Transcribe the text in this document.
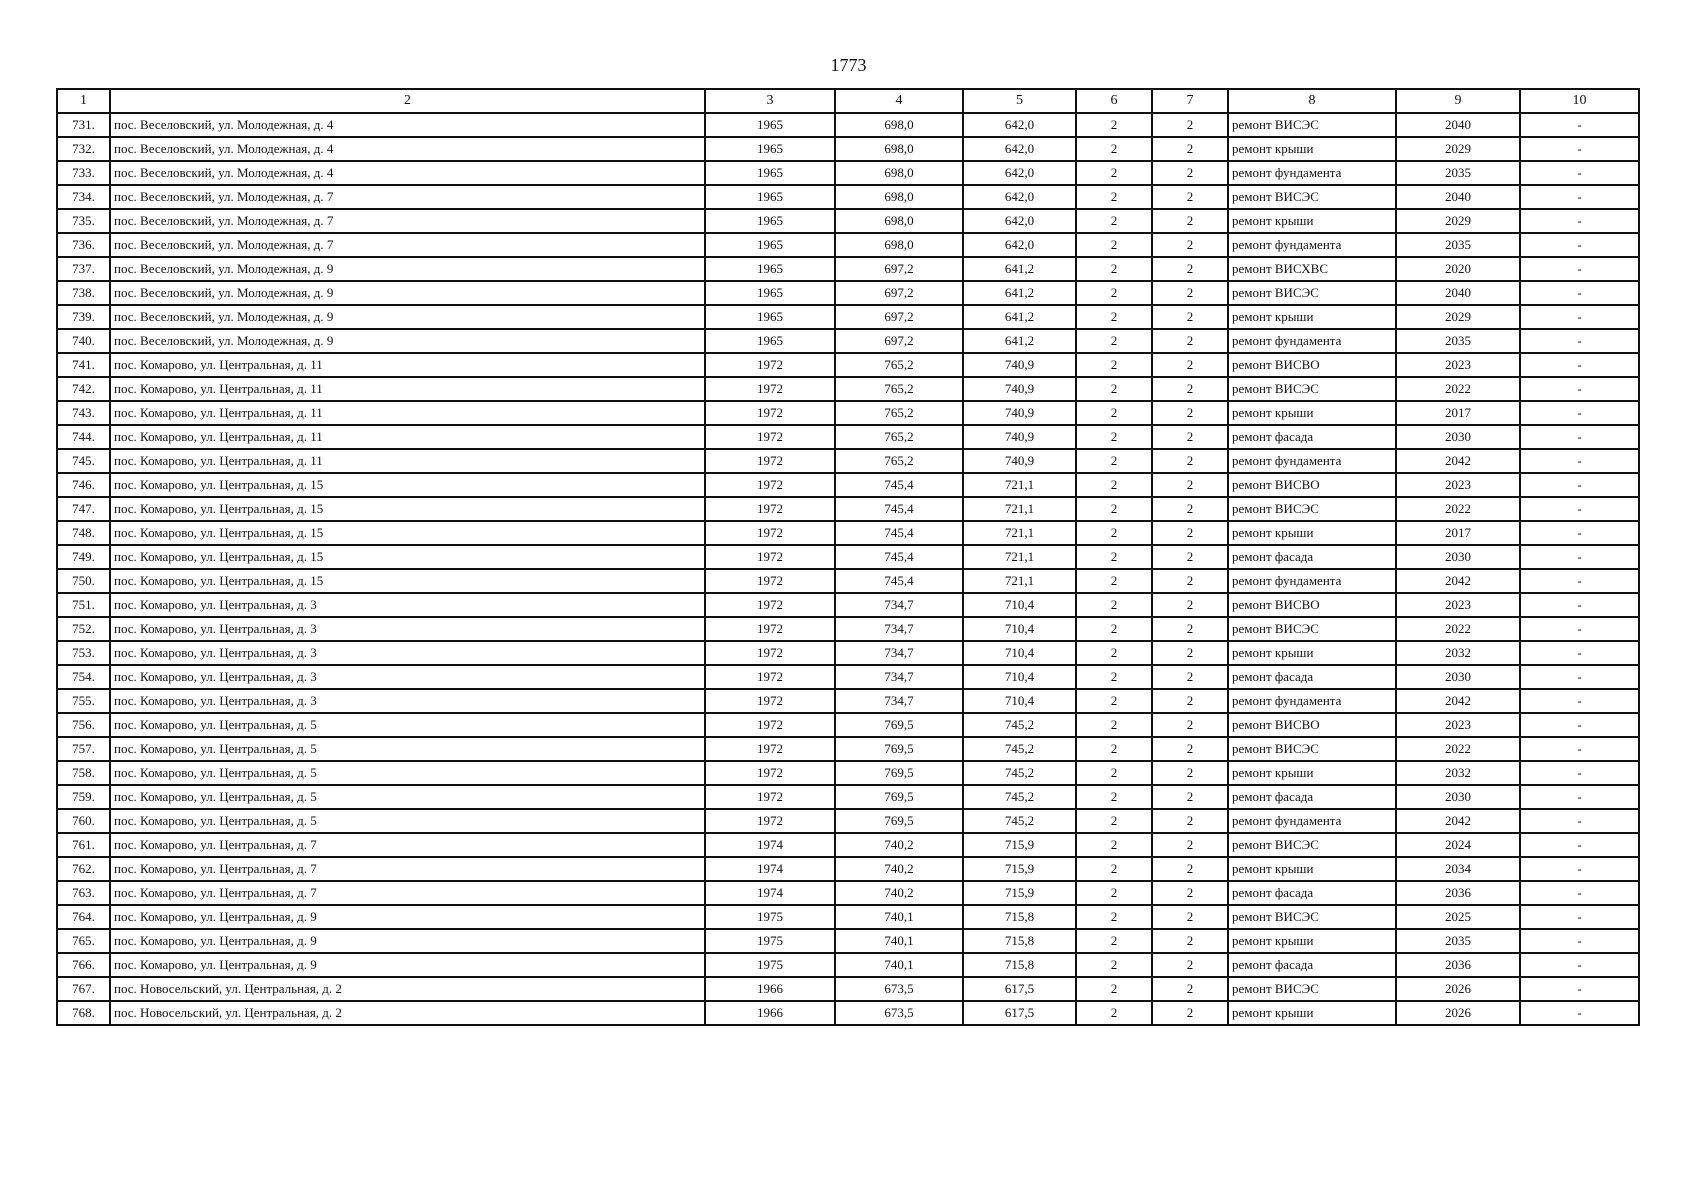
1773
1	2	3	4	5	6	7	8	9	10
731.	пос. Веселовский, ул. Молодежная, д. 4	1965	698,0	642,0	2	2	ремонт ВИСЭС	2040	-
732.	пос. Веселовский, ул. Молодежная, д. 4	1965	698,0	642,0	2	2	ремонт крыши	2029	-
733.	пос. Веселовский, ул. Молодежная, д. 4	1965	698,0	642,0	2	2	ремонт фундамента	2035	-
734.	пос. Веселовский, ул. Молодежная, д. 7	1965	698,0	642,0	2	2	ремонт ВИСЭС	2040	-
735.	пос. Веселовский, ул. Молодежная, д. 7	1965	698,0	642,0	2	2	ремонт крыши	2029	-
736.	пос. Веселовский, ул. Молодежная, д. 7	1965	698,0	642,0	2	2	ремонт фундамента	2035	-
737.	пос. Веселовский, ул. Молодежная, д. 9	1965	697,2	641,2	2	2	ремонт ВИСХВС	2020	-
738.	пос. Веселовский, ул. Молодежная, д. 9	1965	697,2	641,2	2	2	ремонт ВИСЭС	2040	-
739.	пос. Веселовский, ул. Молодежная, д. 9	1965	697,2	641,2	2	2	ремонт крыши	2029	-
740.	пос. Веселовский, ул. Молодежная, д. 9	1965	697,2	641,2	2	2	ремонт фундамента	2035	-
741.	пос. Комарово, ул. Центральная, д. 11	1972	765,2	740,9	2	2	ремонт ВИСВО	2023	-
742.	пос. Комарово, ул. Центральная, д. 11	1972	765,2	740,9	2	2	ремонт ВИСЭС	2022	-
743.	пос. Комарово, ул. Центральная, д. 11	1972	765,2	740,9	2	2	ремонт крыши	2017	-
744.	пос. Комарово, ул. Центральная, д. 11	1972	765,2	740,9	2	2	ремонт фасада	2030	-
745.	пос. Комарово, ул. Центральная, д. 11	1972	765,2	740,9	2	2	ремонт фундамента	2042	-
746.	пос. Комарово, ул. Центральная, д. 15	1972	745,4	721,1	2	2	ремонт ВИСВО	2023	-
747.	пос. Комарово, ул. Центральная, д. 15	1972	745,4	721,1	2	2	ремонт ВИСЭС	2022	-
748.	пос. Комарово, ул. Центральная, д. 15	1972	745,4	721,1	2	2	ремонт крыши	2017	-
749.	пос. Комарово, ул. Центральная, д. 15	1972	745,4	721,1	2	2	ремонт фасада	2030	-
750.	пос. Комарово, ул. Центральная, д. 15	1972	745,4	721,1	2	2	ремонт фундамента	2042	-
751.	пос. Комарово, ул. Центральная, д. 3	1972	734,7	710,4	2	2	ремонт ВИСВО	2023	-
752.	пос. Комарово, ул. Центральная, д. 3	1972	734,7	710,4	2	2	ремонт ВИСЭС	2022	-
753.	пос. Комарово, ул. Центральная, д. 3	1972	734,7	710,4	2	2	ремонт крыши	2032	-
754.	пос. Комарово, ул. Центральная, д. 3	1972	734,7	710,4	2	2	ремонт фасада	2030	-
755.	пос. Комарово, ул. Центральная, д. 3	1972	734,7	710,4	2	2	ремонт фундамента	2042	-
756.	пос. Комарово, ул. Центральная, д. 5	1972	769,5	745,2	2	2	ремонт ВИСВО	2023	-
757.	пос. Комарово, ул. Центральная, д. 5	1972	769,5	745,2	2	2	ремонт ВИСЭС	2022	-
758.	пос. Комарово, ул. Центральная, д. 5	1972	769,5	745,2	2	2	ремонт крыши	2032	-
759.	пос. Комарово, ул. Центральная, д. 5	1972	769,5	745,2	2	2	ремонт фасада	2030	-
760.	пос. Комарово, ул. Центральная, д. 5	1972	769,5	745,2	2	2	ремонт фундамента	2042	-
761.	пос. Комарово, ул. Центральная, д. 7	1974	740,2	715,9	2	2	ремонт ВИСЭС	2024	-
762.	пос. Комарово, ул. Центральная, д. 7	1974	740,2	715,9	2	2	ремонт крыши	2034	-
763.	пос. Комарово, ул. Центральная, д. 7	1974	740,2	715,9	2	2	ремонт фасада	2036	-
764.	пос. Комарово, ул. Центральная, д. 9	1975	740,1	715,8	2	2	ремонт ВИСЭС	2025	-
765.	пос. Комарово, ул. Центральная, д. 9	1975	740,1	715,8	2	2	ремонт крыши	2035	-
766.	пос. Комарово, ул. Центральная, д. 9	1975	740,1	715,8	2	2	ремонт фасада	2036	-
767.	пос. Новосельский, ул. Центральная, д. 2	1966	673,5	617,5	2	2	ремонт ВИСЭС	2026	-
768.	пос. Новосельский, ул. Центральная, д. 2	1966	673,5	617,5	2	2	ремонт крыши	2026	-
